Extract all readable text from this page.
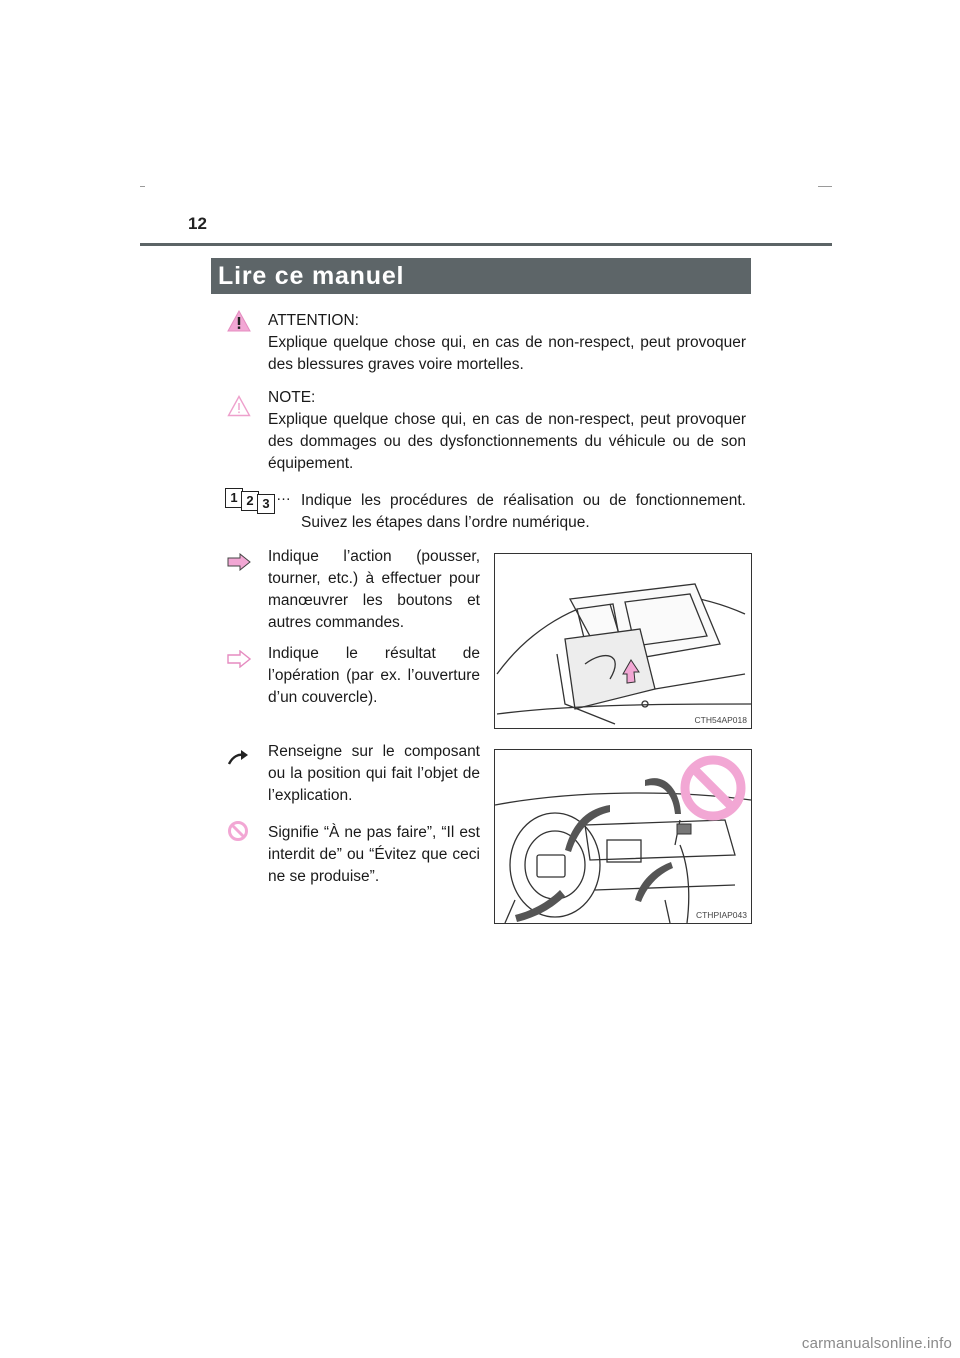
12
Lire ce manuel

ATTENTION:

Explique quelque chose qui, en cas de non-respect, peut provoquer des blessures graves voire mortelles.

NOTE:

Explique quelque chose qui, en cas de non-respect, peut provoquer des dommages ou des dysfonctionnements du véhicule ou de son équipement.

1 2 3 … Indique les procédures de réalisation ou de fonctionnement. Suivez les étapes dans l’ordre numérique.
Indique l’action (pousser, tourner, etc.) à effectuer pour manœuvrer les boutons et autres commandes.
Indique le résultat de l’opération (par ex. l’ouverture d’un couvercle).
CTH54AP018
Renseigne sur le composant ou la position qui fait l’objet de l’explication.
Signifie “À ne pas faire”, “Il est interdit de” ou “Évitez que ceci ne se produise”.
CTHPIAP043
carmanualsonline.info
